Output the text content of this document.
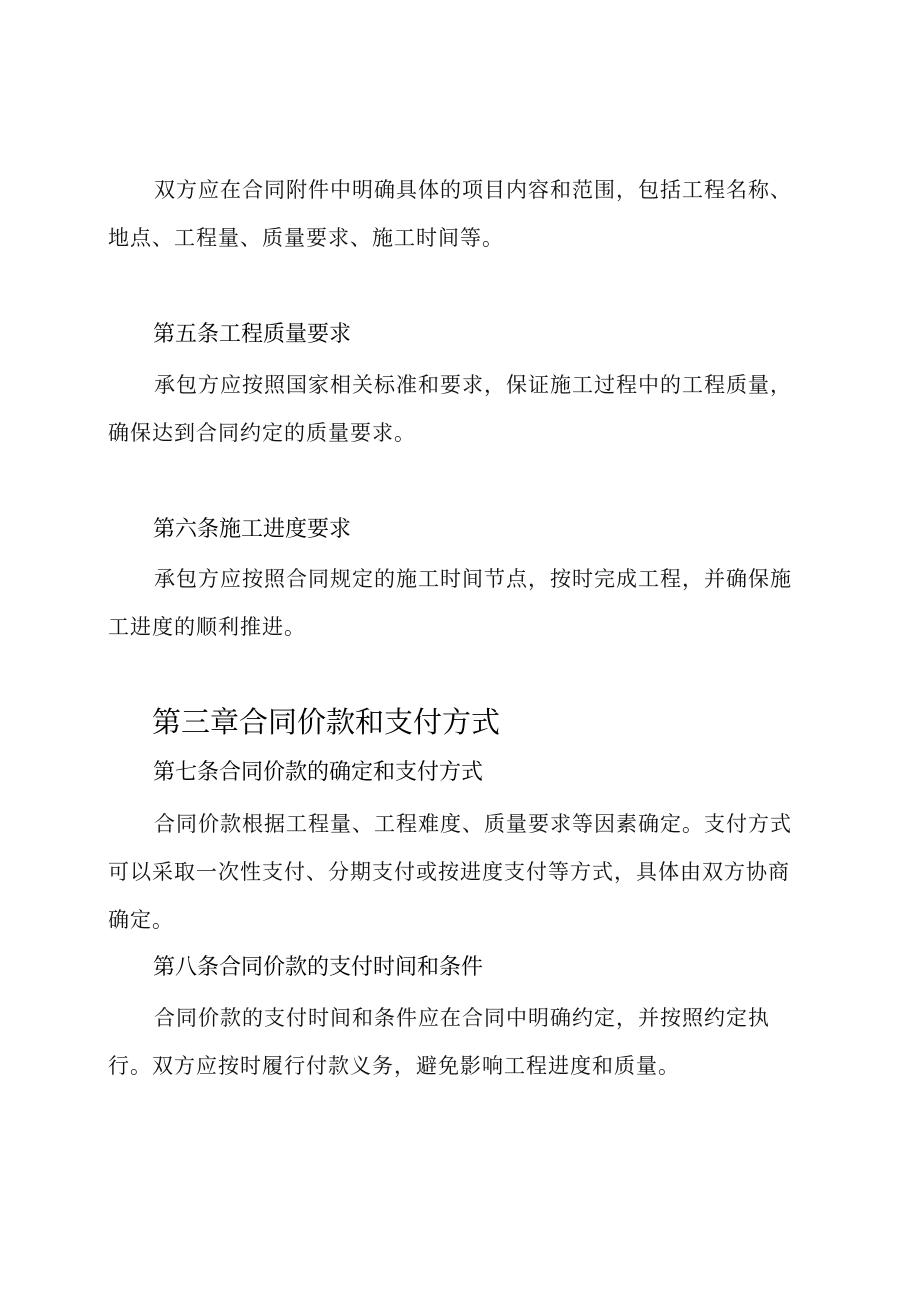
双方应在合同附件中明确具体的项目内容和范围，包括工程名称、地点、工程量、质量要求、施工时间等。

第五条工程质量要求

承包方应按照国家相关标准和要求，保证施工过程中的工程质量，确保达到合同约定的质量要求。

第六条施工进度要求

承包方应按照合同规定的施工时间节点，按时完成工程，并确保施工进度的顺利推进。

第三章合同价款和支付方式
第七条合同价款的确定和支付方式

合同价款根据工程量、工程难度、质量要求等因素确定。支付方式可以采取一次性支付、分期支付或按进度支付等方式，具体由双方协商确定。

第八条合同价款的支付时间和条件

合同价款的支付时间和条件应在合同中明确约定，并按照约定执行。双方应按时履行付款义务，避免影响工程进度和质量。
